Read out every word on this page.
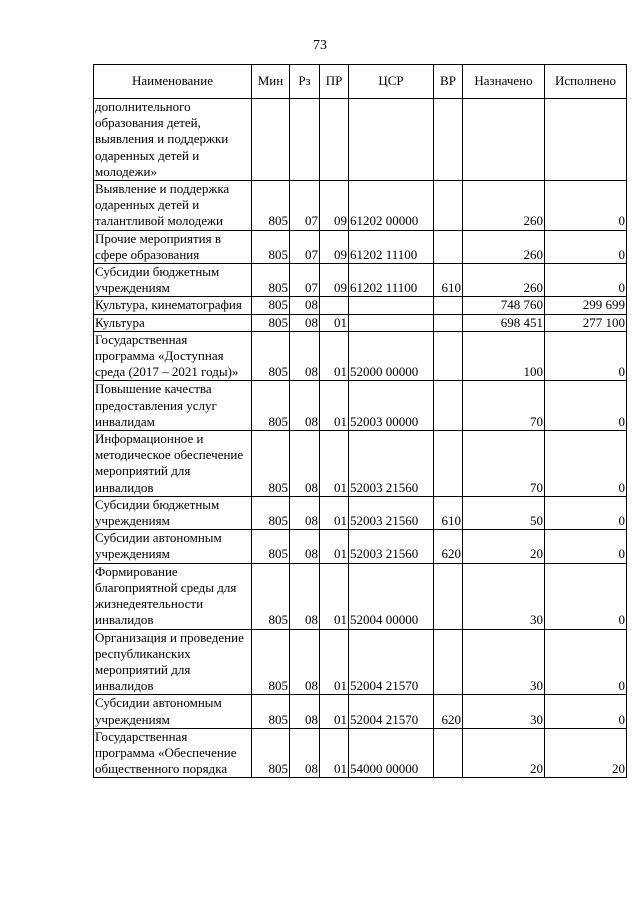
73
Наименование	Мин	Рз	ПР	ЦСР	ВР	Назначено	Исполнено
дополнительного образования детей, выявления и поддержки одаренных детей и молодежи»							
Выявление и поддержка одаренных детей и талантливой молодежи	805	07	09	61202 00000		260	0
Прочие мероприятия в сфере образования	805	07	09	61202 11100		260	0
Субсидии бюджетным учреждениям	805	07	09	61202 11100	610	260	0
Культура, кинематография	805	08				748 760	299 699
Культура	805	08	01			698 451	277 100
Государственная программа «Доступная среда (2017 – 2021 годы)»	805	08	01	52000 00000		100	0
Повышение качества предоставления услуг инвалидам	805	08	01	52003 00000		70	0
Информационное и методическое обеспечение мероприятий для инвалидов	805	08	01	52003 21560		70	0
Субсидии бюджетным учреждениям	805	08	01	52003 21560	610	50	0
Субсидии автономным учреждениям	805	08	01	52003 21560	620	20	0
Формирование благоприятной среды для жизнедеятельности инвалидов	805	08	01	52004 00000		30	0
Организация и проведение республиканских мероприятий для инвалидов	805	08	01	52004 21570		30	0
Субсидии автономным учреждениям	805	08	01	52004 21570	620	30	0
Государственная программа «Обеспечение общественного порядка	805	08	01	54000 00000		20	20
